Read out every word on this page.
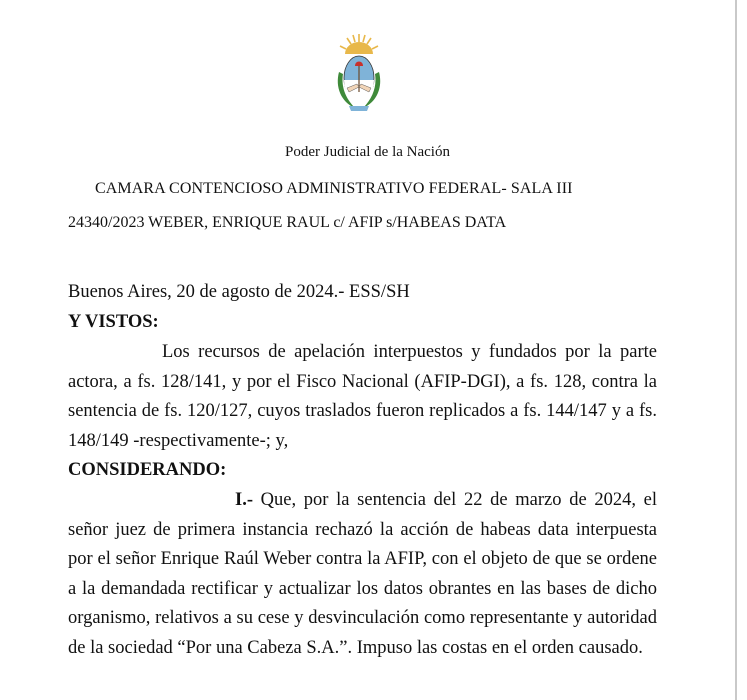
Poder Judicial de la Nación
CAMARA CONTENCIOSO ADMINISTRATIVO FEDERAL- SALA III
24340/2023 WEBER, ENRIQUE RAUL c/ AFIP s/HABEAS DATA
Buenos Aires, 20 de agosto de 2024.- ESS/SH
Y VISTOS:
Los recursos de apelación interpuestos y fundados por la parte actora, a fs. 128/141, y por el Fisco Nacional (AFIP-DGI), a fs. 128, contra la sentencia de fs. 120/127, cuyos traslados fueron replicados a fs. 144/147 y a fs. 148/149 -respectivamente-; y,
CONSIDERANDO:
I.- Que, por la sentencia del 22 de marzo de 2024, el señor juez de primera instancia rechazó la acción de habeas data interpuesta por el señor Enrique Raúl Weber contra la AFIP, con el objeto de que se ordene a la demandada rectificar y actualizar los datos obrantes en las bases de dicho organismo, relativos a su cese y desvinculación como representante y autoridad de la sociedad “Por una Cabeza S.A.”. Impuso las costas en el orden causado.
